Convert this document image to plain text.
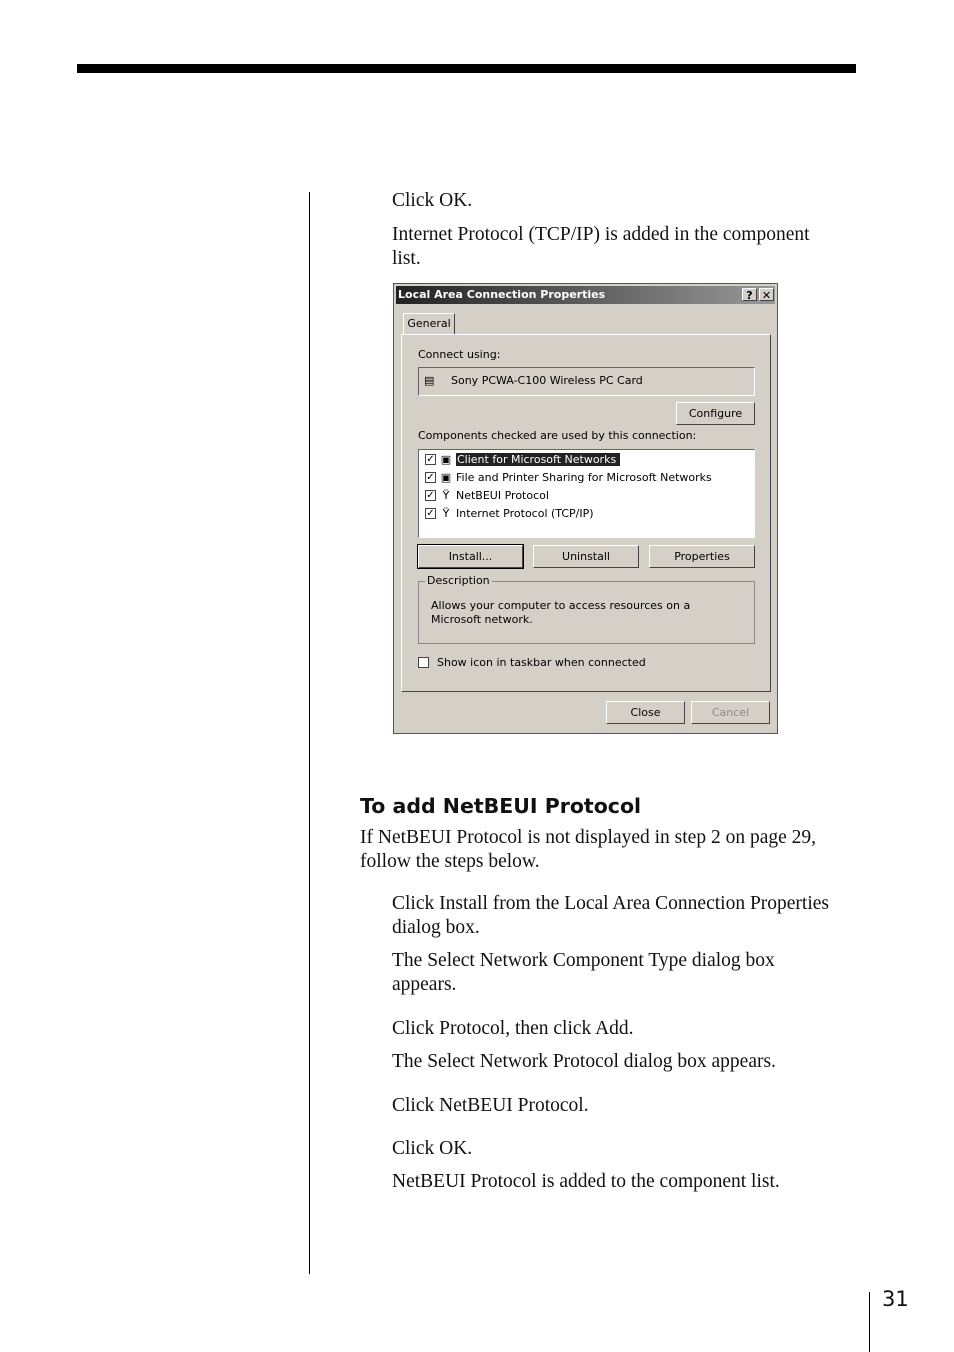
Click OK.
Internet Protocol (TCP/IP) is added in the component list.
Local Area Connection Properties	? ✕
General
Connect using:
▤ Sony PCWA-C100 Wireless PC Card
Configure
Components checked are used by this connection:
✓ ▣ Client for Microsoft Networks
✓ ▣ File and Printer Sharing for Microsoft Networks
✓ Ÿ NetBEUI Protocol
✓ Ÿ Internet Protocol (TCP/IP)
Install...	Uninstall	Properties
Allows your computer to access resources on a Microsoft network.
Description
Show icon in taskbar when connected
Close	Cancel
To add NetBEUI Protocol
If NetBEUI Protocol is not displayed in step 2 on page 29, follow the steps below.
Click Install from the Local Area Connection Properties dialog box.
The Select Network Component Type dialog box appears.
Click Protocol, then click Add.
The Select Network Protocol dialog box appears.
Click NetBEUI Protocol.
Click OK.
NetBEUI Protocol is added to the component list.
31
